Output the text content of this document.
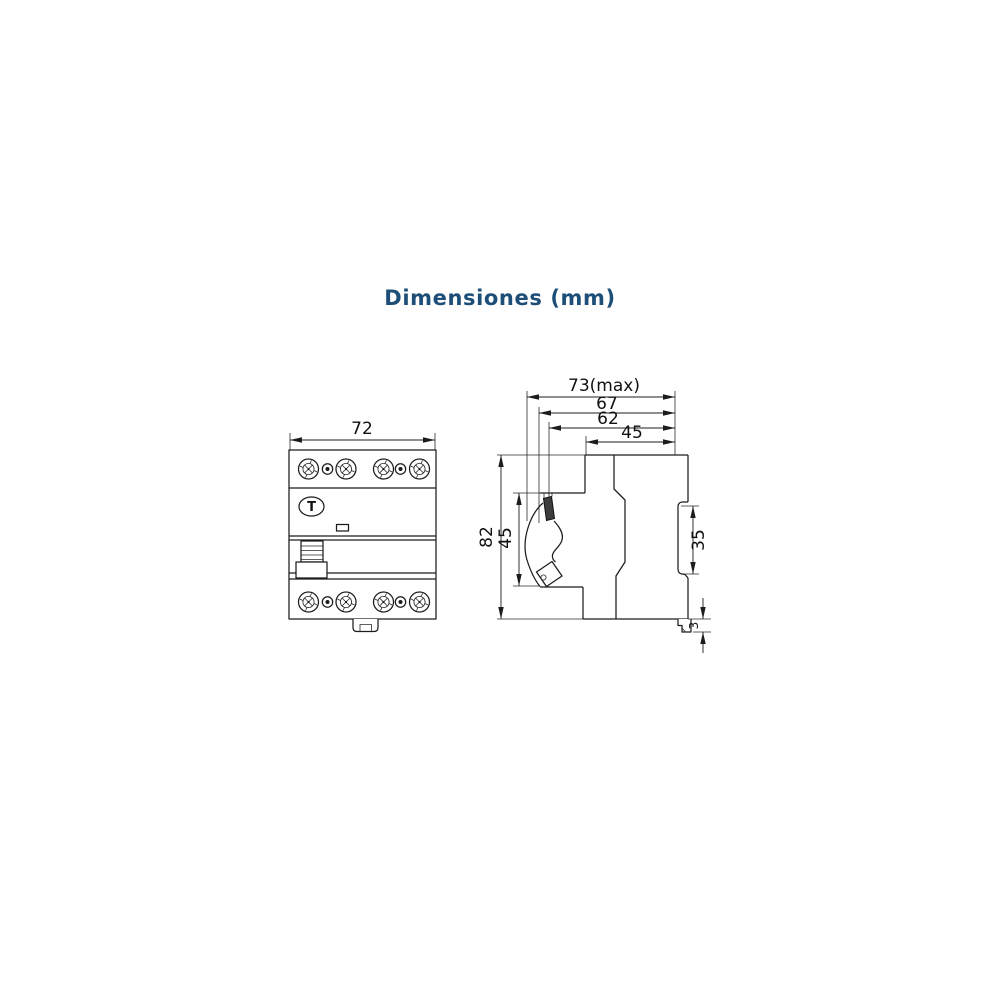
Dimensiones (mm)
72
T
73(max)
67
62
45
82 45	35
3
